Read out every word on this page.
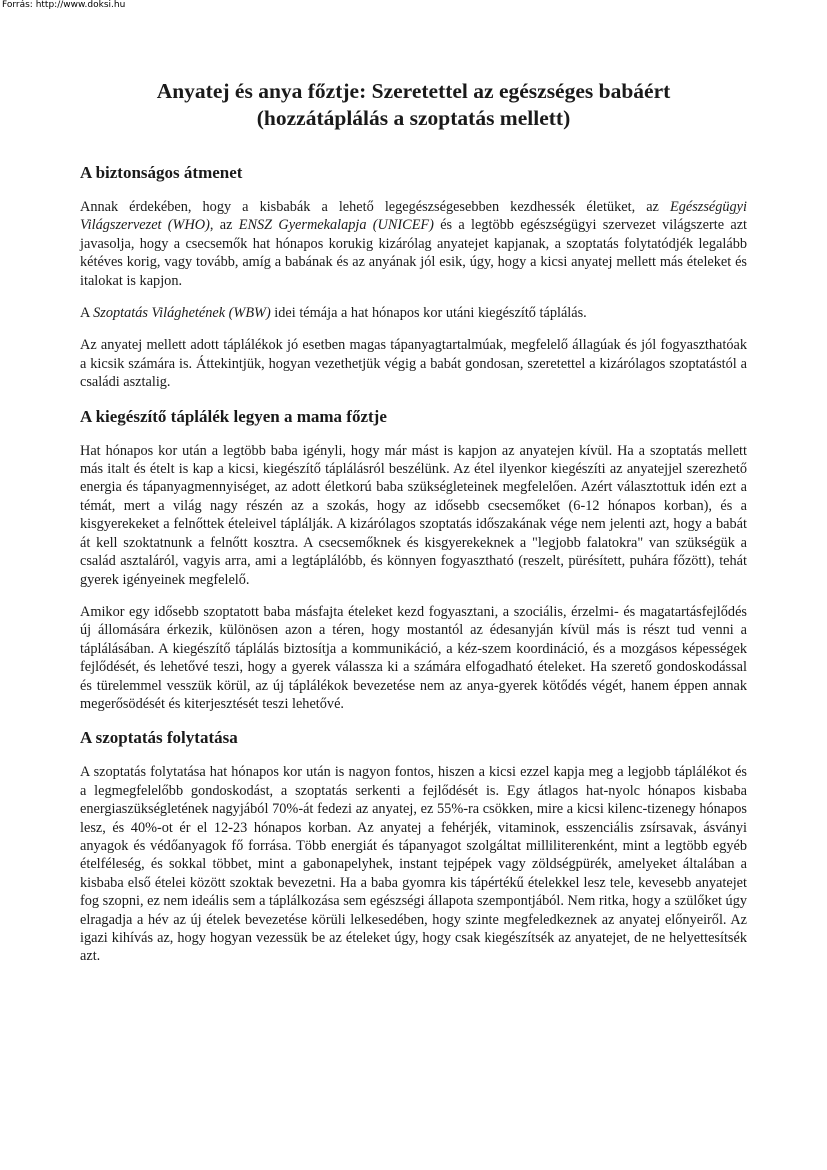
Forrás: http://www.doksi.hu
Anyatej és anya főztje: Szeretettel az egészséges babáért
(hozzátáplálás a szoptatás mellett)
A biztonságos átmenet

Annak érdekében, hogy a kisbabák a lehető legegészségesebben kezdhessék életüket, az Egészségügyi Világszervezet (WHO), az ENSZ Gyermekalapja (UNICEF) és a legtöbb egészségügyi szervezet világszerte azt javasolja, hogy a csecsemők hat hónapos korukig kizárólag anyatejet kapjanak, a szoptatás folytatódjék legalább kétéves korig, vagy tovább, amíg a babának és az anyának jól esik, úgy, hogy a kicsi anyatej mellett más ételeket és italokat is kapjon.

A Szoptatás Világhetének (WBW) idei témája a hat hónapos kor utáni kiegészítő táplálás.

Az anyatej mellett adott táplálékok jó esetben magas tápanyagtartalmúak, megfelelő állagúak és jól fogyaszthatóak a kicsik számára is. Áttekintjük, hogyan vezethetjük végig a babát gondosan, szeretettel a kizárólagos szoptatástól a családi asztalig.

A kiegészítő táplálék legyen a mama főztje

Hat hónapos kor után a legtöbb baba igényli, hogy már mást is kapjon az anyatejen kívül. Ha a szoptatás mellett más italt és ételt is kap a kicsi, kiegészítő táplálásról beszélünk. Az étel ilyenkor kiegészíti az anyatejjel szerezhető energia és tápanyagmennyiséget, az adott életkorú baba szükségleteinek megfelelően. Azért választottuk idén ezt a témát, mert a világ nagy részén az a szokás, hogy az idősebb csecsemőket (6-12 hónapos korban), és a kisgyerekeket a felnőttek ételeivel táplálják. A kizárólagos szoptatás időszakának vége nem jelenti azt, hogy a babát át kell szoktatnunk a felnőtt kosztra. A csecsemőknek és kisgyerekeknek a "legjobb falatokra" van szükségük a család asztaláról, vagyis arra, ami a legtáplálóbb, és könnyen fogyasztható (reszelt, pürésített, puhára főzött), tehát gyerek igényeinek megfelelő.

Amikor egy idősebb szoptatott baba másfajta ételeket kezd fogyasztani, a szociális, érzelmi- és magatartásfejlődés új állomására érkezik, különösen azon a téren, hogy mostantól az édesanyján kívül más is részt tud venni a táplálásában. A kiegészítő táplálás biztosítja a kommunikáció, a kéz-szem koordináció, és a mozgásos képességek fejlődését, és lehetővé teszi, hogy a gyerek válassza ki a számára elfogadható ételeket. Ha szerető gondoskodással és türelemmel vesszük körül, az új táplálékok bevezetése nem az anya-gyerek kötődés végét, hanem éppen annak megerősödését és kiterjesztését teszi lehetővé.

A szoptatás folytatása

A szoptatás folytatása hat hónapos kor után is nagyon fontos, hiszen a kicsi ezzel kapja meg a legjobb táplálékot és a legmegfelelőbb gondoskodást, a szoptatás serkenti a fejlődését is. Egy átlagos hat-nyolc hónapos kisbaba energiaszükségletének nagyjából 70%-át fedezi az anyatej, ez 55%-ra csökken, mire a kicsi kilenc-tizenegy hónapos lesz, és 40%-ot ér el 12-23 hónapos korban. Az anyatej a fehérjék, vitaminok, esszenciális zsírsavak, ásványi anyagok és védőanyagok fő forrása. Több energiát és tápanyagot szolgáltat milliliterenként, mint a legtöbb egyéb ételféleség, és sokkal többet, mint a gabonapelyhek, instant tejpépek vagy zöldségpürék, amelyeket általában a kisbaba első ételei között szoktak bevezetni. Ha a baba gyomra kis tápértékű ételekkel lesz tele, kevesebb anyatejet fog szopni, ez nem ideális sem a táplálkozása sem egészségi állapota szempontjából. Nem ritka, hogy a szülőket úgy elragadja a hév az új ételek bevezetése körüli lelkesedében, hogy szinte megfeledkeznek az anyatej előnyeiről. Az igazi kihívás az, hogy hogyan vezessük be az ételeket úgy, hogy csak kiegészítsék az anyatejet, de ne helyettesítsék azt.
